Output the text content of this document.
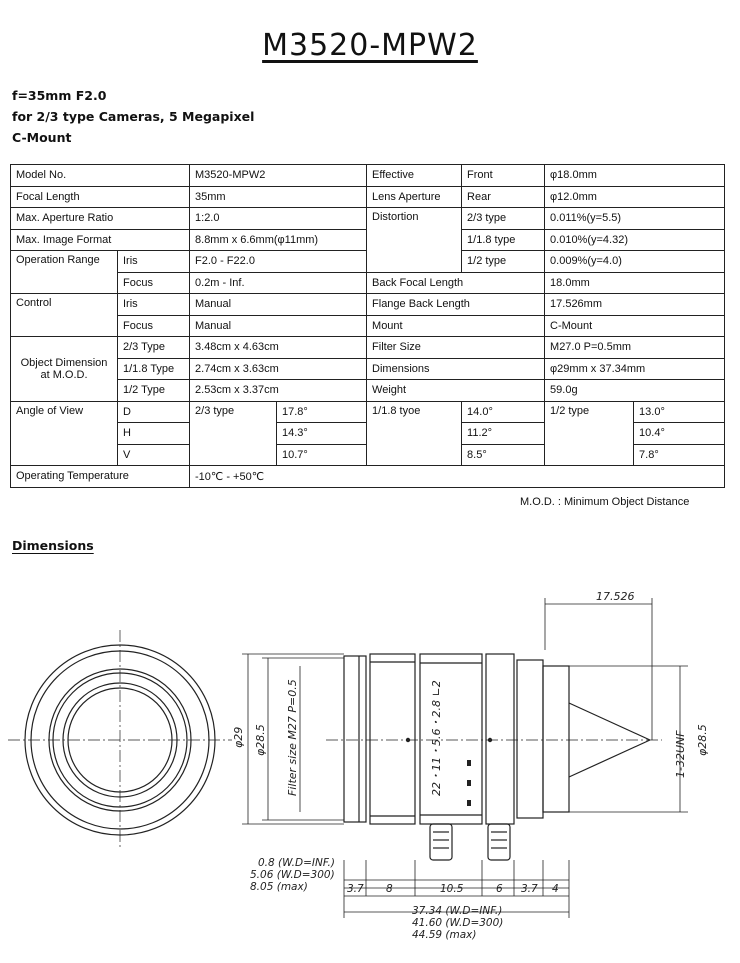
M3520-MPW2
f=35mm F2.0
for 2/3 type Cameras, 5 Megapixel
C-Mount
Model No.		M3520-MPW2		Effective	Front	φ18.0mm	
Focal Length		35mm		Lens Aperture	Rear	φ12.0mm	
Max. Aperture Ratio		1:2.0		Distortion	2/3 type	0.011%(y=5.5)	
Max. Image Format		8.8mm x 6.6mm(φ11mm)			1/1.8 type	0.010%(y=4.32)	
Operation Range	Iris	F2.0 - F22.0			1/2 type	0.009%(y=4.0)	
	Focus	0.2m - Inf.		Back Focal Length		18.0mm	
Control	Iris	Manual		Flange Back Length		17.526mm	
	Focus	Manual		Mount		C-Mount	
Object Dimension
at M.O.D.	2/3 Type	3.48cm x 4.63cm		Filter Size		M27.0 P=0.5mm	
	1/1.8 Type	2.74cm x 3.63cm		Dimensions		φ29mm x 37.34mm	
	1/2 Type	2.53cm x 3.37cm		Weight		59.0g	
Angle of View	D	2/3 type	17.8°	1/1.8 tyoe	14.0°	1/2 type	13.0°
	H		14.3°		11.2°		10.4°
	V		10.7°		8.5°		7.8°
Operating Temperature		-10℃ - +50℃					
M.O.D. : Minimum Object Distance
Dimensions
17.526
φ29 φ28.5 Filter size M27 P=0.5	1-32UNF φ28.5
22・11・5.6・2.8 ∟2
0.8 (W.D=INF.)
5.06 (W.D=300)
8.05 (max)	3.7 8	10.5	6 3.7 4
37.34 (W.D=INF.)
41.60 (W.D=300)
44.59 (max)
